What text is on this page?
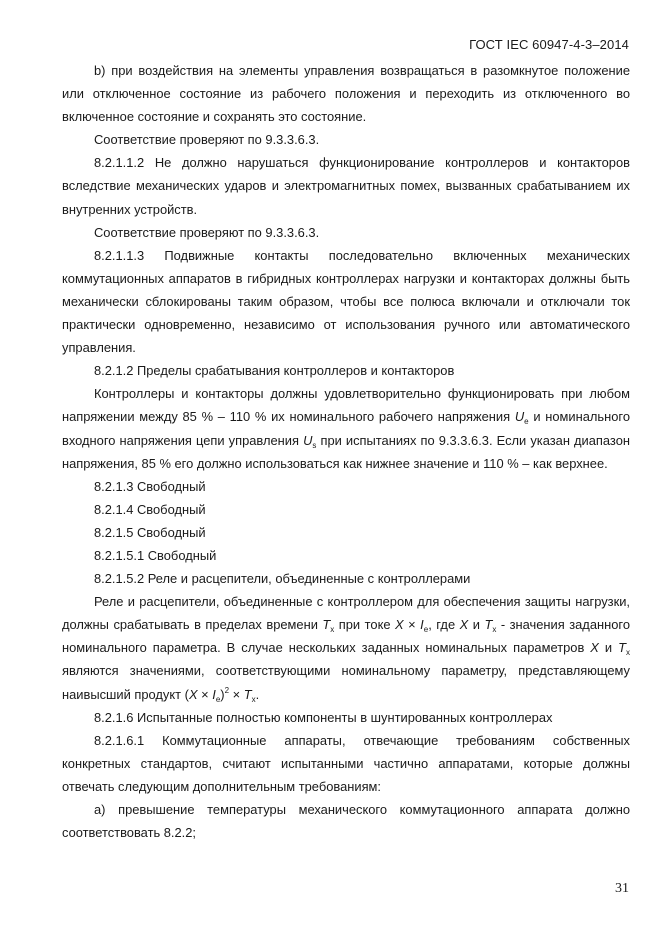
ГОСТ IEC 60947-4-3–2014

b) при воздействия на элементы управления возвращаться в разомкнутое положение или отключенное состояние из рабочего положения и переходить из отключенного во включенное состояние и сохранять это состояние.

Соответствие проверяют по 9.3.3.6.3.

8.2.1.1.2 Не должно нарушаться функционирование контроллеров и контакторов вследствие механических ударов и электромагнитных помех, вызванных срабатыванием их внутренних устройств.

Соответствие проверяют по 9.3.3.6.3.

8.2.1.1.3 Подвижные контакты последовательно включенных механических коммутационных аппаратов в гибридных контроллерах нагрузки и контакторах должны быть механически сблокированы таким образом, чтобы все полюса включали и отключали ток практически одновременно, независимо от использования ручного или автоматического управления.

8.2.1.2 Пределы срабатывания контроллеров и контакторов

Контроллеры и контакторы должны удовлетворительно функционировать при любом напряжении между 85 % – 110 % их номинального рабочего напряжения $U_e$ и номинального входного напряжения цепи управления $U_s$ при испытаниях по 9.3.3.6.3. Если указан диапазон напряжения, 85 % его должно использоваться как нижнее значение и 110 % – как верхнее.

8.2.1.3 Свободный

8.2.1.4 Свободный

8.2.1.5 Свободный

8.2.1.5.1 Свободный

8.2.1.5.2 Реле и расцепители, объединенные с контроллерами

Реле и расцепители, объединенные с контроллером для обеспечения защиты нагрузки, должны срабатывать в пределах времени $T_x$ при токе $X \times I_e$, где X и $T_x$ - значения заданного номинального параметра. В случае нескольких заданных номинальных параметров X и $T_x$ являются значениями, соответствующими номинальному параметру, представляющему наивысший продукт $(X \times I_e)^2 \times T_x$.

8.2.1.6 Испытанные полностью компоненты в шунтированных контроллерах

8.2.1.6.1 Коммутационные аппараты, отвечающие требованиям собственных конкретных стандартов, считают испытанными частично аппаратами, которые должны отвечать следующим дополнительным требованиям:

a) превышение температуры механического коммутационного аппарата должно соответствовать 8.2.2;

31
